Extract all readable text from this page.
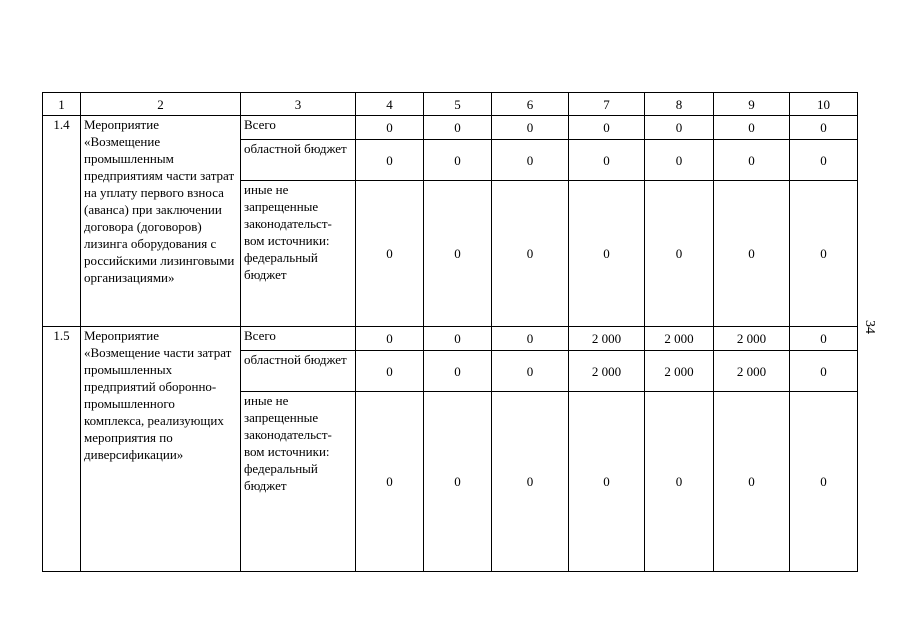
1	2	3	4	5	6	7	8	9	10
1.4	Мероприятие «Возмещение промышленным предприятиям части затрат на уплату первого взноса (аванса) при заключении договора (договоров) лизинга оборудования с российскими лизинговыми организациями»	Всего	0	0	0	0	0	0	0
		областной бюджет	0	0	0	0	0	0	0
		иные не запрещенные законодательст-вом источники: федеральный бюджет	0	0	0	0	0	0	0
1.5	Мероприятие «Возмещение части затрат промышленных предприятий оборонно-промышленного комплекса, реализующих мероприятия по диверсификации»	Всего	0	0	0	2 000	2 000	2 000	0
		областной бюджет	0	0	0	2 000	2 000	2 000	0
		иные не запрещенные законодательст-вом источники: федеральный бюджет	0	0	0	0	0	0	0
34
